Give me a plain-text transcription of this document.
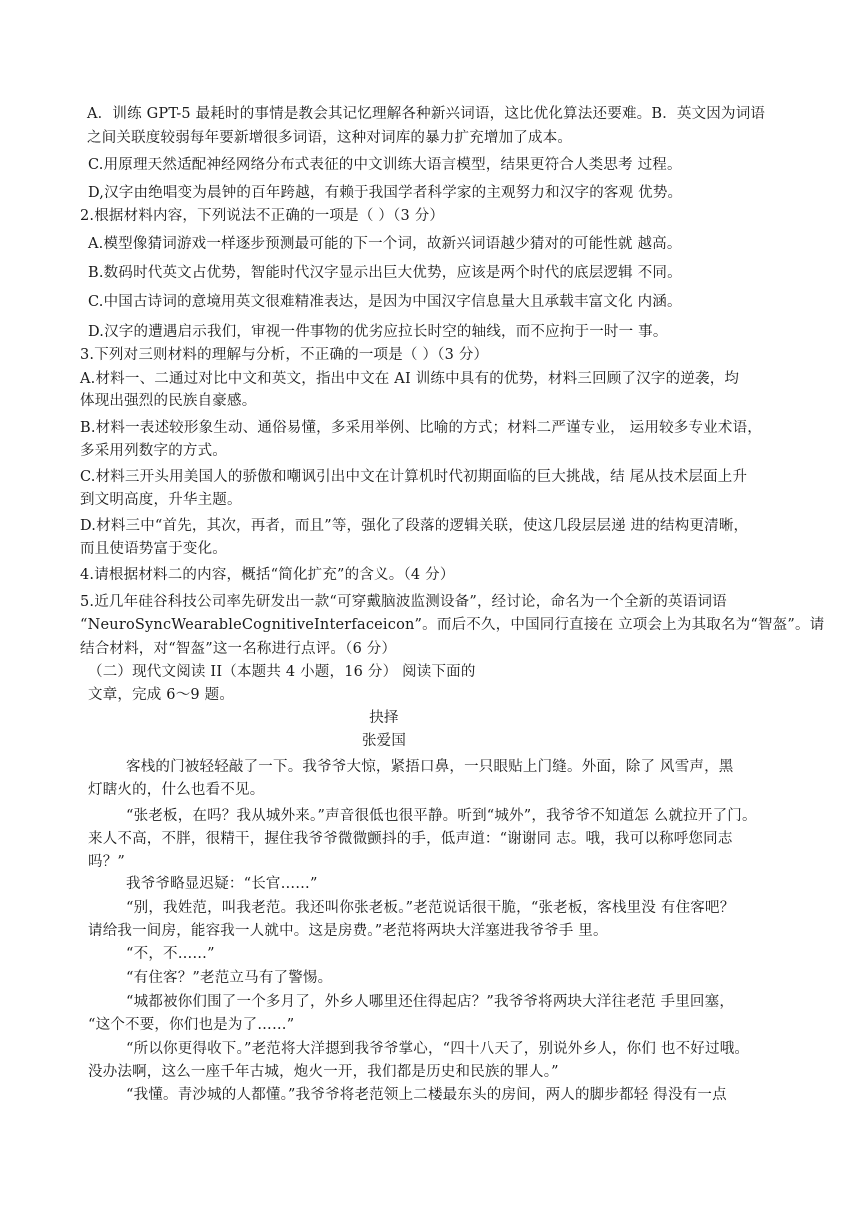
A．训练 GPT-5 最耗时的事情是教会其记忆理解各种新兴词语，这比优化算法还要难。B．英文因为词语
之间关联度较弱每年要新增很多词语，这种对词库的暴力扩充增加了成本。
C.用原理天然适配神经网络分布式表征的中文训练大语言模型，结果更符合人类思考 过程。
D,汉字由绝唱变为晨钟的百年跨越，有赖于我国学者科学家的主观努力和汉字的客观 优势。
2.根据材料内容，下列说法不正确的一项是（ ）（3 分）
A.模型像猜词游戏一样逐步预测最可能的下一个词，故新兴词语越少猜对的可能性就 越高。
B.数码时代英文占优势，智能时代汉字显示出巨大优势，应该是两个时代的底层逻辑 不同。
C.中国古诗词的意境用英文很难精准表达，是因为中国汉字信息量大且承载丰富文化 内涵。
D.汉字的遭遇启示我们，审视一件事物的优劣应拉长时空的轴线，而不应拘于一时一 事。
3.下列对三则材料的理解与分析，不正确的一项是（ ）（3 分）
A.材料一、二通过对比中文和英文，指出中文在 AI 训练中具有的优势，材料三回顾了汉字的逆袭，均
体现出强烈的民族自豪感。
B.材料一表述较形象生动、通俗易懂，多采用举例、比喻的方式；材料二严谨专业， 运用较多专业术语，
多采用列数字的方式。
C.材料三开头用美国人的骄傲和嘲讽引出中文在计算机时代初期面临的巨大挑战，结 尾从技术层面上升
到文明高度，升华主题。
D.材料三中“首先，其次，再者，而且”等，强化了段落的逻辑关联，使这几段层层递 进的结构更清晰，
而且使语势富于变化。
4.请根据材料二的内容，概括“简化扩充”的含义。（4 分）
5.近几年硅谷科技公司率先研发出一款“可穿戴脑波监测设备”，经讨论，命名为一个全新的英语词语
“NeuroSyncWearableCognitiveInterfaceicon”。而后不久，中国同行直接在 立项会上为其取名为“智盔”。请
结合材料，对“智盔”这一名称进行点评。（6 分）
（二）现代文阅读 II（本题共 4 小题，16 分） 阅读下面的
文章，完成 6～9 题。
抉择
张爱国
客栈的门被轻轻敲了一下。我爷爷大惊，紧捂口鼻，一只眼贴上门缝。外面，除了 风雪声，黑
灯瞎火的，什么也看不见。
“张老板，在吗？我从城外来。”声音很低也很平静。听到“城外”，我爷爷不知道怎 么就拉开了门。
来人不高，不胖，很精干，握住我爷爷微微颤抖的手，低声道：“谢谢同 志。哦，我可以称呼您同志
吗？”
我爷爷略显迟疑：“长官……”
“别，我姓范，叫我老范。我还叫你张老板。”老范说话很干脆，“张老板，客栈里没 有住客吧？
请给我一间房，能容我一人就中。这是房费。”老范将两块大洋塞进我爷爷手 里。
“不，不……”
“有住客？”老范立马有了警惕。
“城都被你们围了一个多月了，外乡人哪里还住得起店？”我爷爷将两块大洋往老范 手里回塞，
“这个不要，你们也是为了……”
“所以你更得收下。”老范将大洋摁到我爷爷掌心，“四十八天了，别说外乡人，你们 也不好过哦。
没办法啊，这么一座千年古城，炮火一开，我们都是历史和民族的罪人。”
“我懂。青沙城的人都懂。”我爷爷将老范领上二楼最东头的房间，两人的脚步都轻 得没有一点
